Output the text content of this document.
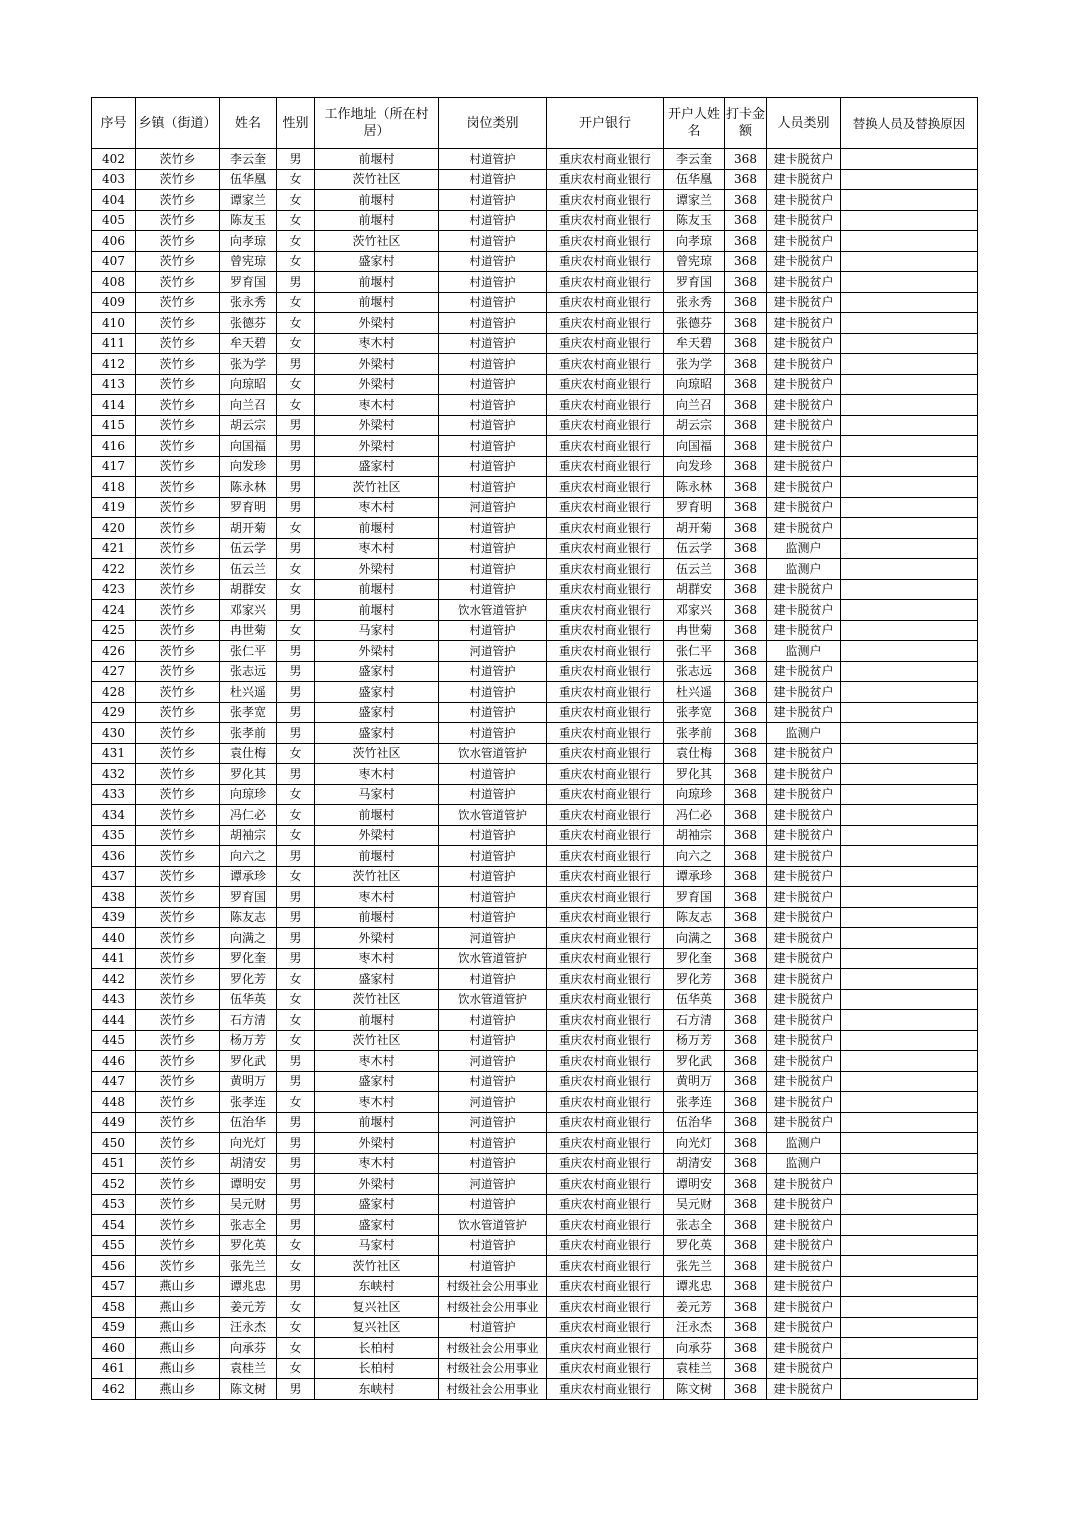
序号	乡镇（街道）	姓名	性别	工作地址（所在村居）	岗位类别	开户银行	开户人姓名	打卡金额	人员类别	替换人员及替换原因
402	茨竹乡	李云奎	男	前堰村	村道管护	重庆农村商业银行	李云奎	368	建卡脱贫户	
403	茨竹乡	伍华凰	女	茨竹社区	村道管护	重庆农村商业银行	伍华凰	368	建卡脱贫户	
404	茨竹乡	谭家兰	女	前堰村	村道管护	重庆农村商业银行	谭家兰	368	建卡脱贫户	
405	茨竹乡	陈友玉	女	前堰村	村道管护	重庆农村商业银行	陈友玉	368	建卡脱贫户	
406	茨竹乡	向孝琼	女	茨竹社区	村道管护	重庆农村商业银行	向孝琼	368	建卡脱贫户	
407	茨竹乡	曾宪琼	女	盛家村	村道管护	重庆农村商业银行	曾宪琼	368	建卡脱贫户	
408	茨竹乡	罗育国	男	前堰村	村道管护	重庆农村商业银行	罗育国	368	建卡脱贫户	
409	茨竹乡	张永秀	女	前堰村	村道管护	重庆农村商业银行	张永秀	368	建卡脱贫户	
410	茨竹乡	张德芬	女	外梁村	村道管护	重庆农村商业银行	张德芬	368	建卡脱贫户	
411	茨竹乡	牟天碧	女	枣木村	村道管护	重庆农村商业银行	牟天碧	368	建卡脱贫户	
412	茨竹乡	张为学	男	外梁村	村道管护	重庆农村商业银行	张为学	368	建卡脱贫户	
413	茨竹乡	向琼昭	女	外梁村	村道管护	重庆农村商业银行	向琼昭	368	建卡脱贫户	
414	茨竹乡	向兰召	女	枣木村	村道管护	重庆农村商业银行	向兰召	368	建卡脱贫户	
415	茨竹乡	胡云宗	男	外梁村	村道管护	重庆农村商业银行	胡云宗	368	建卡脱贫户	
416	茨竹乡	向国福	男	外梁村	村道管护	重庆农村商业银行	向国福	368	建卡脱贫户	
417	茨竹乡	向发珍	男	盛家村	村道管护	重庆农村商业银行	向发珍	368	建卡脱贫户	
418	茨竹乡	陈永林	男	茨竹社区	村道管护	重庆农村商业银行	陈永林	368	建卡脱贫户	
419	茨竹乡	罗育明	男	枣木村	河道管护	重庆农村商业银行	罗育明	368	建卡脱贫户	
420	茨竹乡	胡开菊	女	前堰村	村道管护	重庆农村商业银行	胡开菊	368	建卡脱贫户	
421	茨竹乡	伍云学	男	枣木村	村道管护	重庆农村商业银行	伍云学	368	监测户	
422	茨竹乡	伍云兰	女	外梁村	村道管护	重庆农村商业银行	伍云兰	368	监测户	
423	茨竹乡	胡群安	女	前堰村	村道管护	重庆农村商业银行	胡群安	368	建卡脱贫户	
424	茨竹乡	邓家兴	男	前堰村	饮水管道管护	重庆农村商业银行	邓家兴	368	建卡脱贫户	
425	茨竹乡	冉世菊	女	马家村	村道管护	重庆农村商业银行	冉世菊	368	建卡脱贫户	
426	茨竹乡	张仁平	男	外梁村	河道管护	重庆农村商业银行	张仁平	368	监测户	
427	茨竹乡	张志远	男	盛家村	村道管护	重庆农村商业银行	张志远	368	建卡脱贫户	
428	茨竹乡	杜兴遥	男	盛家村	村道管护	重庆农村商业银行	杜兴遥	368	建卡脱贫户	
429	茨竹乡	张孝宽	男	盛家村	村道管护	重庆农村商业银行	张孝宽	368	建卡脱贫户	
430	茨竹乡	张孝前	男	盛家村	村道管护	重庆农村商业银行	张孝前	368	监测户	
431	茨竹乡	袁仕梅	女	茨竹社区	饮水管道管护	重庆农村商业银行	袁仕梅	368	建卡脱贫户	
432	茨竹乡	罗化其	男	枣木村	村道管护	重庆农村商业银行	罗化其	368	建卡脱贫户	
433	茨竹乡	向琼珍	女	马家村	村道管护	重庆农村商业银行	向琼珍	368	建卡脱贫户	
434	茨竹乡	冯仁必	女	前堰村	饮水管道管护	重庆农村商业银行	冯仁必	368	建卡脱贫户	
435	茨竹乡	胡袖宗	女	外梁村	村道管护	重庆农村商业银行	胡袖宗	368	建卡脱贫户	
436	茨竹乡	向六之	男	前堰村	村道管护	重庆农村商业银行	向六之	368	建卡脱贫户	
437	茨竹乡	谭承珍	女	茨竹社区	村道管护	重庆农村商业银行	谭承珍	368	建卡脱贫户	
438	茨竹乡	罗育国	男	枣木村	村道管护	重庆农村商业银行	罗育国	368	建卡脱贫户	
439	茨竹乡	陈友志	男	前堰村	村道管护	重庆农村商业银行	陈友志	368	建卡脱贫户	
440	茨竹乡	向满之	男	外梁村	河道管护	重庆农村商业银行	向满之	368	建卡脱贫户	
441	茨竹乡	罗化奎	男	枣木村	饮水管道管护	重庆农村商业银行	罗化奎	368	建卡脱贫户	
442	茨竹乡	罗化芳	女	盛家村	村道管护	重庆农村商业银行	罗化芳	368	建卡脱贫户	
443	茨竹乡	伍华英	女	茨竹社区	饮水管道管护	重庆农村商业银行	伍华英	368	建卡脱贫户	
444	茨竹乡	石方清	女	前堰村	村道管护	重庆农村商业银行	石方清	368	建卡脱贫户	
445	茨竹乡	杨万芳	女	茨竹社区	村道管护	重庆农村商业银行	杨万芳	368	建卡脱贫户	
446	茨竹乡	罗化武	男	枣木村	河道管护	重庆农村商业银行	罗化武	368	建卡脱贫户	
447	茨竹乡	黄明万	男	盛家村	村道管护	重庆农村商业银行	黄明万	368	建卡脱贫户	
448	茨竹乡	张孝连	女	枣木村	河道管护	重庆农村商业银行	张孝连	368	建卡脱贫户	
449	茨竹乡	伍治华	男	前堰村	河道管护	重庆农村商业银行	伍治华	368	建卡脱贫户	
450	茨竹乡	向光灯	男	外梁村	村道管护	重庆农村商业银行	向光灯	368	监测户	
451	茨竹乡	胡清安	男	枣木村	村道管护	重庆农村商业银行	胡清安	368	监测户	
452	茨竹乡	谭明安	男	外梁村	河道管护	重庆农村商业银行	谭明安	368	建卡脱贫户	
453	茨竹乡	吴元财	男	盛家村	村道管护	重庆农村商业银行	吴元财	368	建卡脱贫户	
454	茨竹乡	张志全	男	盛家村	饮水管道管护	重庆农村商业银行	张志全	368	建卡脱贫户	
455	茨竹乡	罗化英	女	马家村	村道管护	重庆农村商业银行	罗化英	368	建卡脱贫户	
456	茨竹乡	张先兰	女	茨竹社区	村道管护	重庆农村商业银行	张先兰	368	建卡脱贫户	
457	燕山乡	谭兆忠	男	东峡村	村级社会公用事业	重庆农村商业银行	谭兆忠	368	建卡脱贫户	
458	燕山乡	姜元芳	女	复兴社区	村级社会公用事业	重庆农村商业银行	姜元芳	368	建卡脱贫户	
459	燕山乡	汪永杰	女	复兴社区	村道管护	重庆农村商业银行	汪永杰	368	建卡脱贫户	
460	燕山乡	向承芬	女	长柏村	村级社会公用事业	重庆农村商业银行	向承芬	368	建卡脱贫户	
461	燕山乡	袁桂兰	女	长柏村	村级社会公用事业	重庆农村商业银行	袁桂兰	368	建卡脱贫户	
462	燕山乡	陈文树	男	东峡村	村级社会公用事业	重庆农村商业银行	陈文树	368	建卡脱贫户	
